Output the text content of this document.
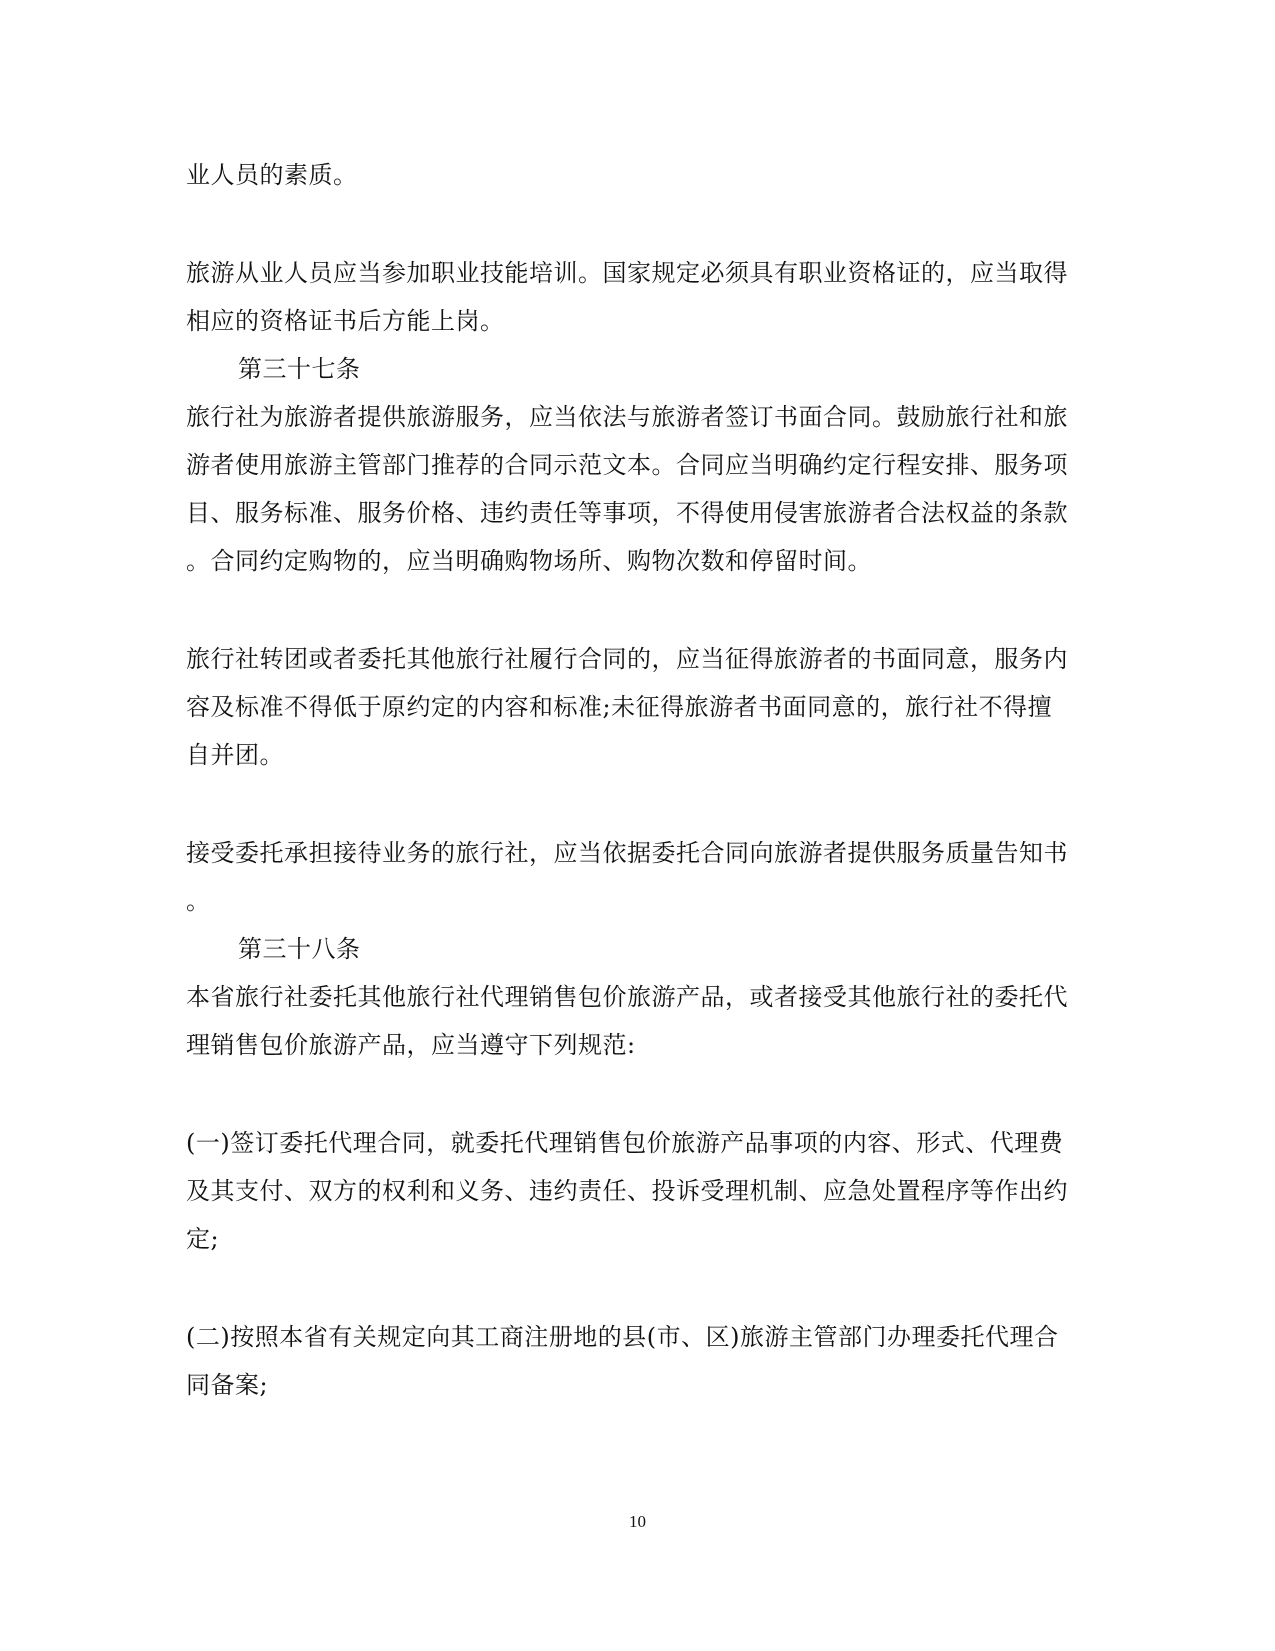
业人员的素质。
旅游从业人员应当参加职业技能培训。国家规定必须具有职业资格证的，应当取得
相应的资格证书后方能上岗。
第三十七条
旅行社为旅游者提供旅游服务，应当依法与旅游者签订书面合同。鼓励旅行社和旅
游者使用旅游主管部门推荐的合同示范文本。合同应当明确约定行程安排、服务项
目、服务标准、服务价格、违约责任等事项，不得使用侵害旅游者合法权益的条款
。合同约定购物的，应当明确购物场所、购物次数和停留时间。
旅行社转团或者委托其他旅行社履行合同的，应当征得旅游者的书面同意，服务内
容及标准不得低于原约定的内容和标准;未征得旅游者书面同意的，旅行社不得擅
自并团。
接受委托承担接待业务的旅行社，应当依据委托合同向旅游者提供服务质量告知书
。
第三十八条
本省旅行社委托其他旅行社代理销售包价旅游产品，或者接受其他旅行社的委托代
理销售包价旅游产品，应当遵守下列规范:
(一)签订委托代理合同，就委托代理销售包价旅游产品事项的内容、形式、代理费
及其支付、双方的权利和义务、违约责任、投诉受理机制、应急处置程序等作出约
定;
(二)按照本省有关规定向其工商注册地的县(市、区)旅游主管部门办理委托代理合
同备案;
10
